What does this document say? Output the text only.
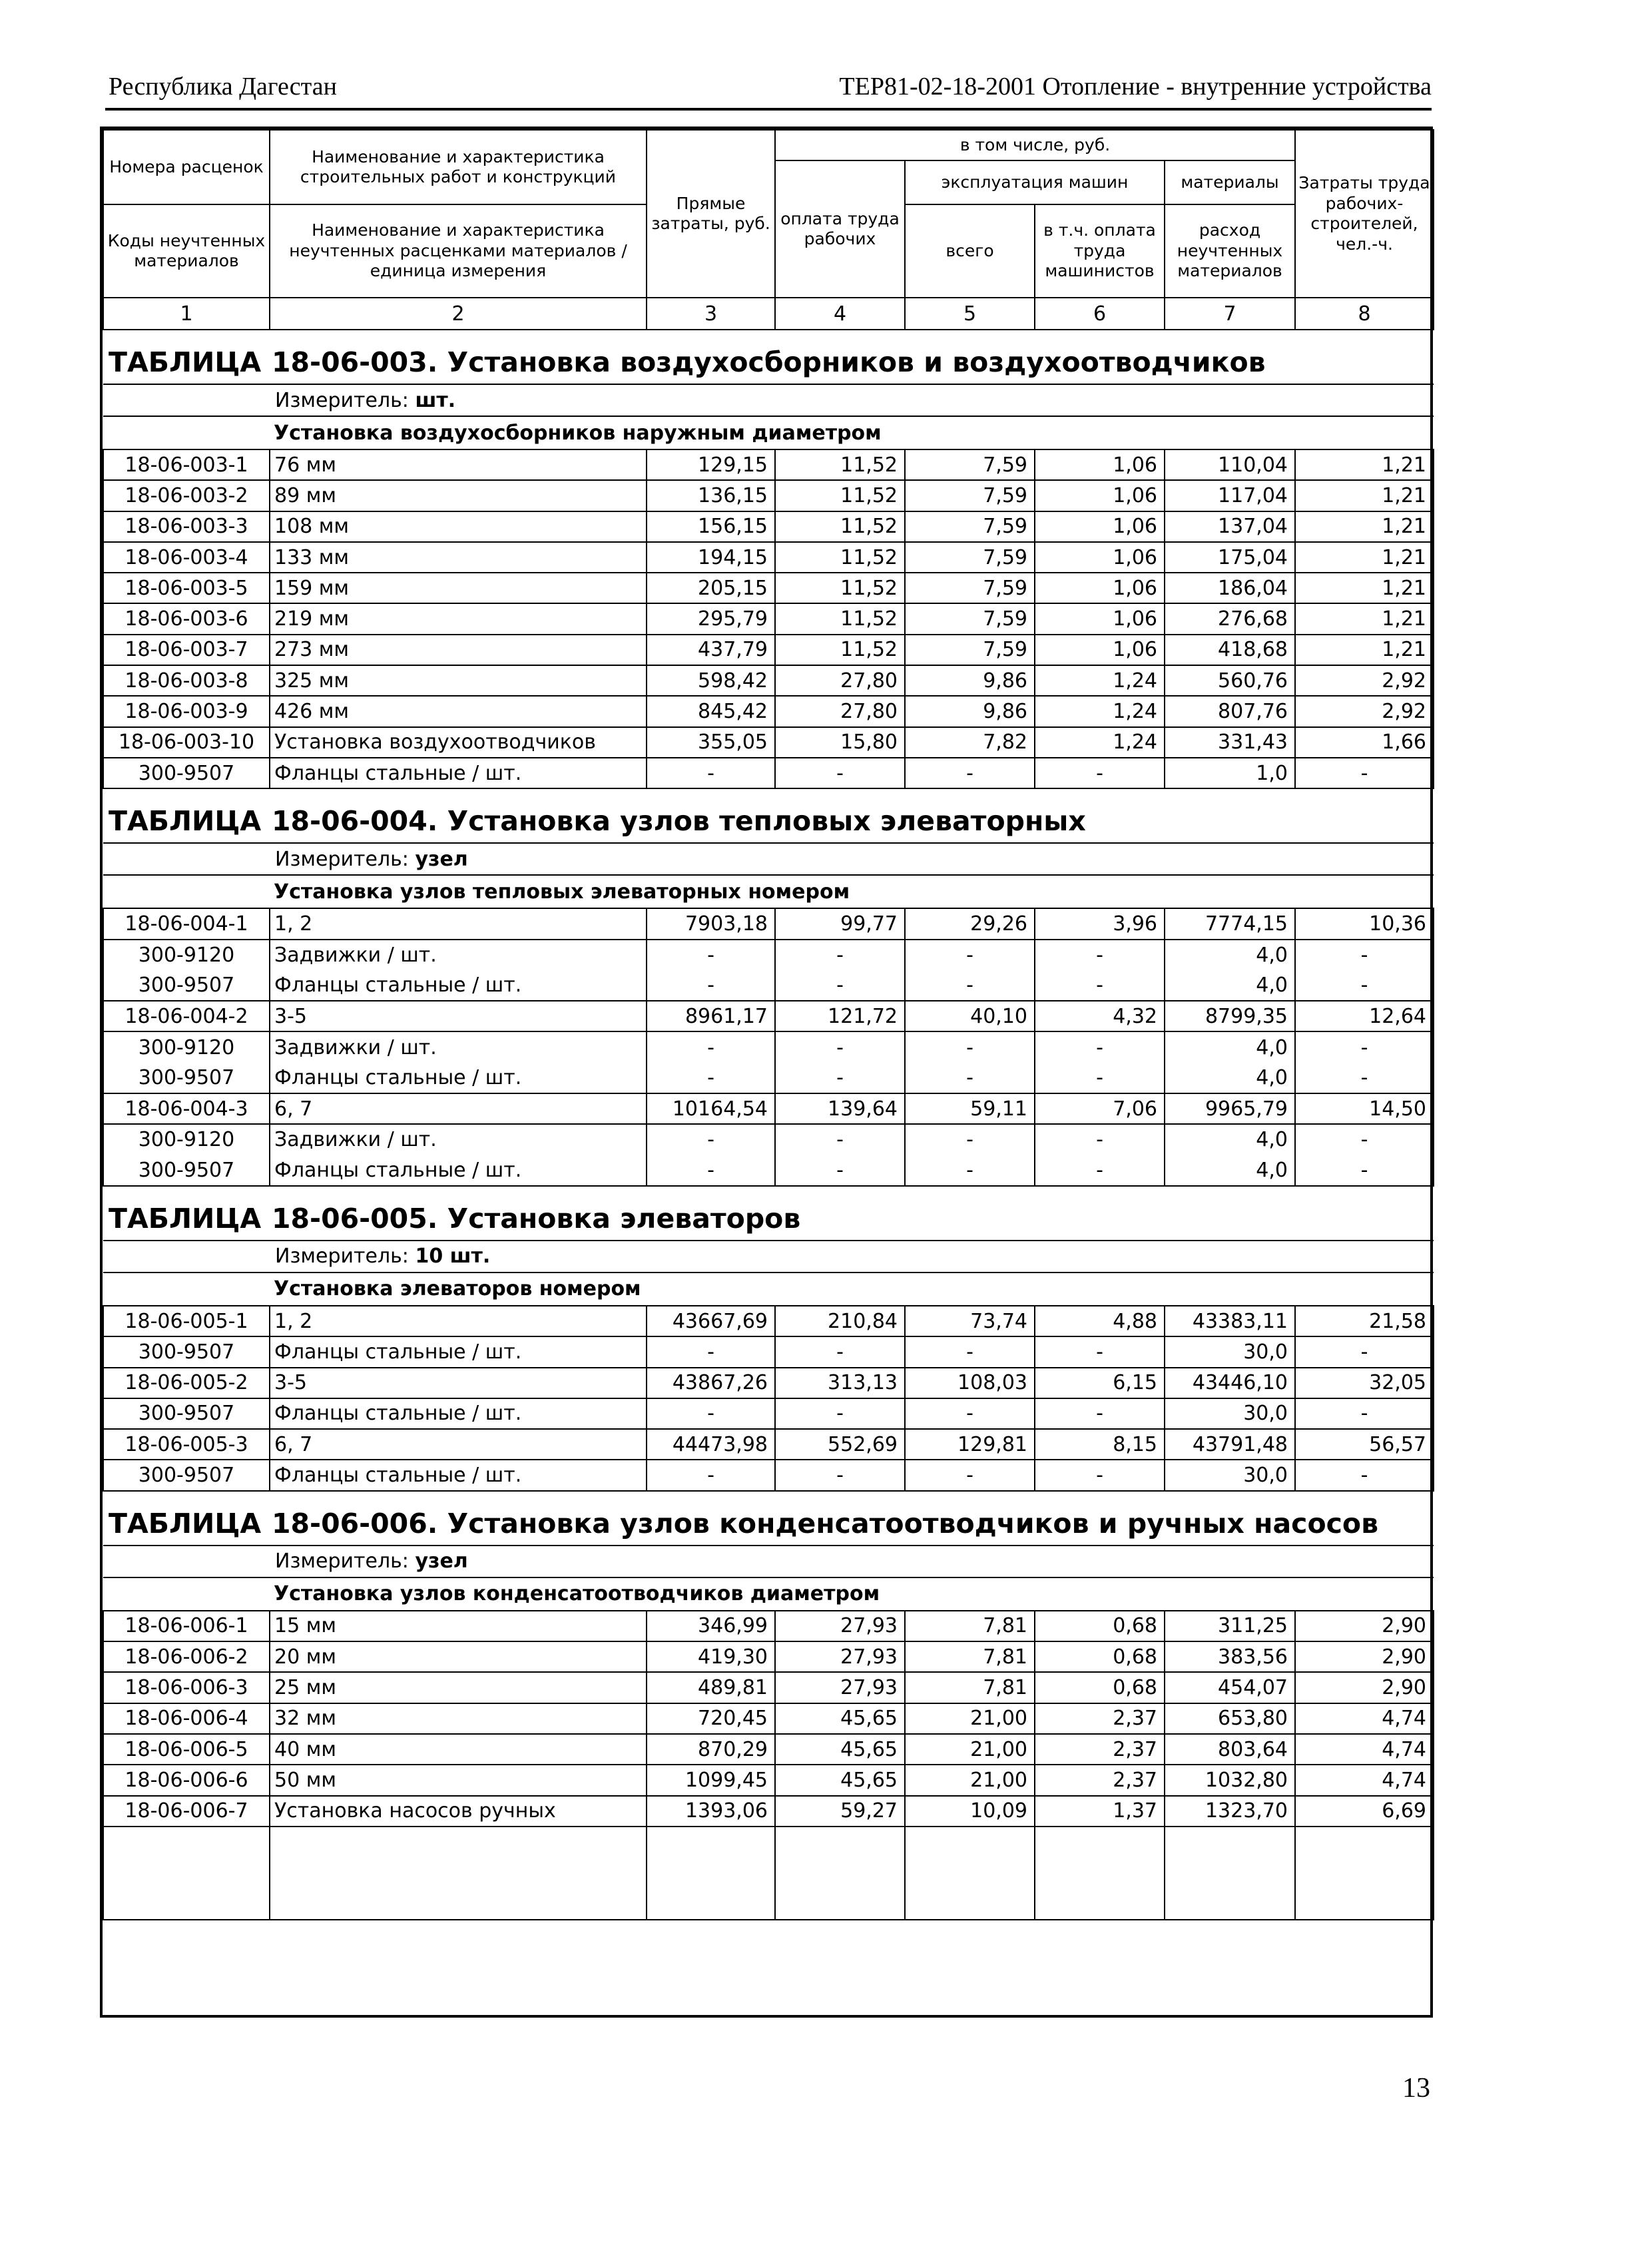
Республика Дагестан	ТЕР81-02-18-2001 Отопление - внутренние устройства
Номера расценок	Наименование и характеристика строительных работ и конструкций	Прямые затраты, руб.	в том числе, руб.				Затраты труда рабочих-строителей, чел.-ч.
			оплата труда рабочих	эксплуатация машин		материалы	
Коды неучтенных материалов	Наименование и характеристика неучтенных расценками материалов / единица измерения			всего	в т.ч. оплата труда машинистов	расход неучтенных материалов	

1	2	3	4	5	6	7	8
ТАБЛИЦА 18-06-003. Установка воздухосборников и воздухоотводчиков							
Измеритель: шт.							
	Установка воздухосборников наружным диаметром						
18-06-003-1	76 мм	129,15	11,52	7,59	1,06	110,04	1,21
18-06-003-2	89 мм	136,15	11,52	7,59	1,06	117,04	1,21
18-06-003-3	108 мм	156,15	11,52	7,59	1,06	137,04	1,21
18-06-003-4	133 мм	194,15	11,52	7,59	1,06	175,04	1,21
18-06-003-5	159 мм	205,15	11,52	7,59	1,06	186,04	1,21
18-06-003-6	219 мм	295,79	11,52	7,59	1,06	276,68	1,21
18-06-003-7	273 мм	437,79	11,52	7,59	1,06	418,68	1,21
18-06-003-8	325 мм	598,42	27,80	9,86	1,24	560,76	2,92
18-06-003-9	426 мм	845,42	27,80	9,86	1,24	807,76	2,92
18-06-003-10	Установка воздухоотводчиков	355,05	15,80	7,82	1,24	331,43	1,66
300-9507	Фланцы стальные / шт.	-	-	-	-	1,0	-
ТАБЛИЦА 18-06-004. Установка узлов тепловых элеваторных							
Измеритель: узел							
	Установка узлов тепловых элеваторных номером						
18-06-004-1	1, 2	7903,18	99,77	29,26	3,96	7774,15	10,36
300-9120	Задвижки / шт.	-	-	-	-	4,0	-
300-9507	Фланцы стальные / шт.	-	-	-	-	4,0	-
18-06-004-2	3-5	8961,17	121,72	40,10	4,32	8799,35	12,64
300-9120	Задвижки / шт.	-	-	-	-	4,0	-
300-9507	Фланцы стальные / шт.	-	-	-	-	4,0	-
18-06-004-3	6, 7	10164,54	139,64	59,11	7,06	9965,79	14,50
300-9120	Задвижки / шт.	-	-	-	-	4,0	-
300-9507	Фланцы стальные / шт.	-	-	-	-	4,0	-
ТАБЛИЦА 18-06-005. Установка элеваторов							
Измеритель: 10 шт.							
	Установка элеваторов номером						
18-06-005-1	1, 2	43667,69	210,84	73,74	4,88	43383,11	21,58
300-9507	Фланцы стальные / шт.	-	-	-	-	30,0	-
18-06-005-2	3-5	43867,26	313,13	108,03	6,15	43446,10	32,05
300-9507	Фланцы стальные / шт.	-	-	-	-	30,0	-
18-06-005-3	6, 7	44473,98	552,69	129,81	8,15	43791,48	56,57
300-9507	Фланцы стальные / шт.	-	-	-	-	30,0	-
ТАБЛИЦА 18-06-006. Установка узлов конденсатоотводчиков и ручных насосов							
Измеритель: узел							
	Установка узлов конденсатоотводчиков диаметром						
18-06-006-1	15 мм	346,99	27,93	7,81	0,68	311,25	2,90
18-06-006-2	20 мм	419,30	27,93	7,81	0,68	383,56	2,90
18-06-006-3	25 мм	489,81	27,93	7,81	0,68	454,07	2,90
18-06-006-4	32 мм	720,45	45,65	21,00	2,37	653,80	4,74
18-06-006-5	40 мм	870,29	45,65	21,00	2,37	803,64	4,74
18-06-006-6	50 мм	1099,45	45,65	21,00	2,37	1032,80	4,74
18-06-006-7	Установка насосов ручных	1393,06	59,27	10,09	1,37	1323,70	6,69

13
